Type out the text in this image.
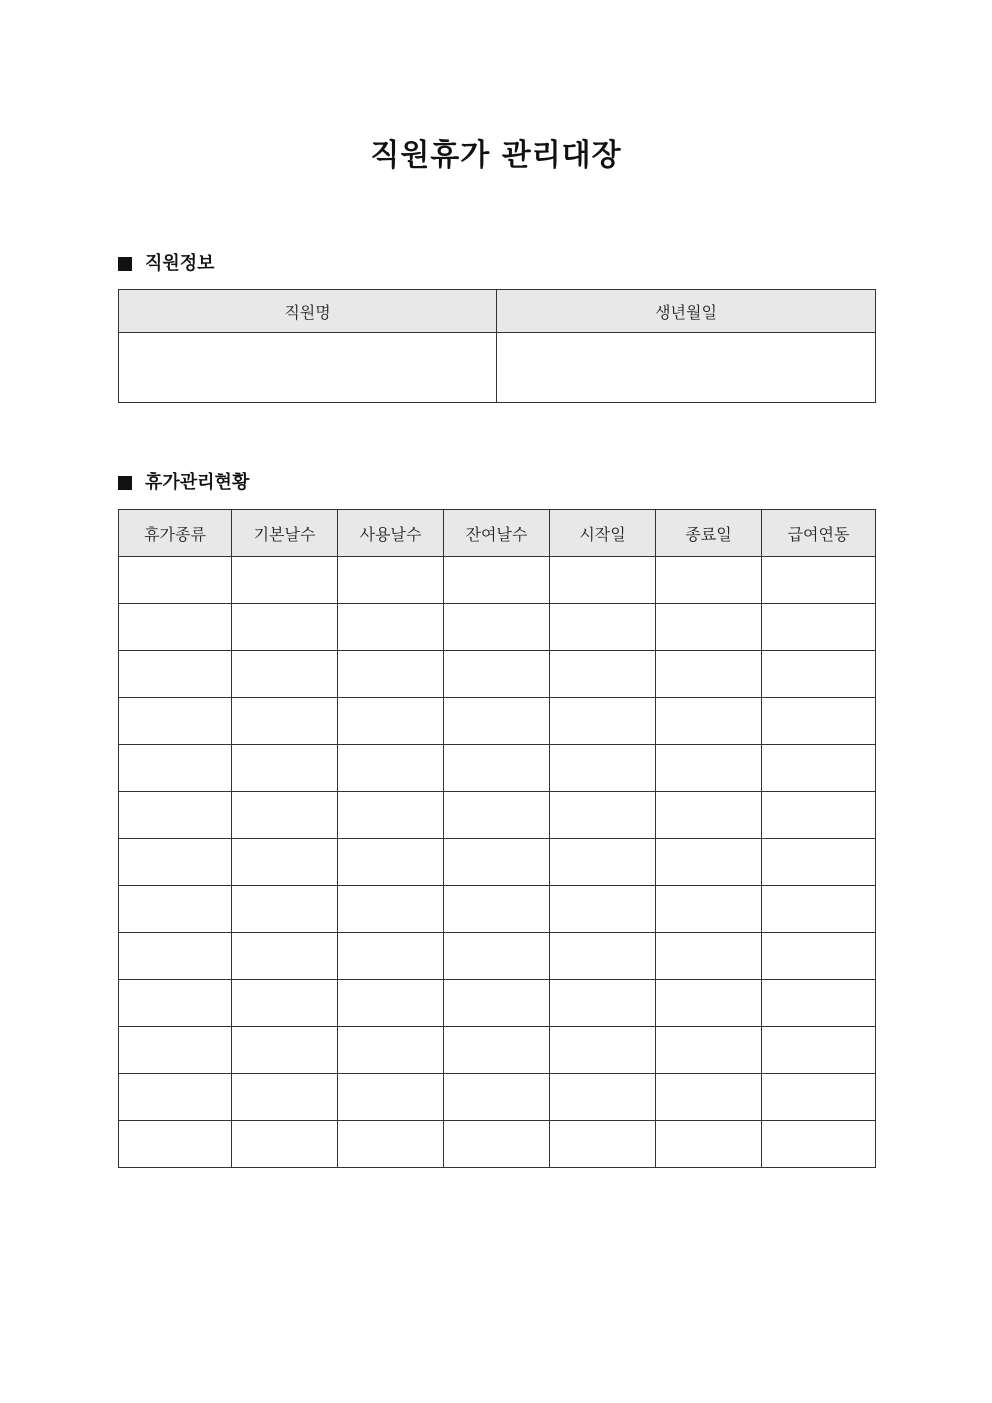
직원휴가 관리대장
직원정보
직원명	생년월일

휴가관리현황
휴가종류	기본날수	사용날수	잔여날수	시작일	종료일	급여연동
